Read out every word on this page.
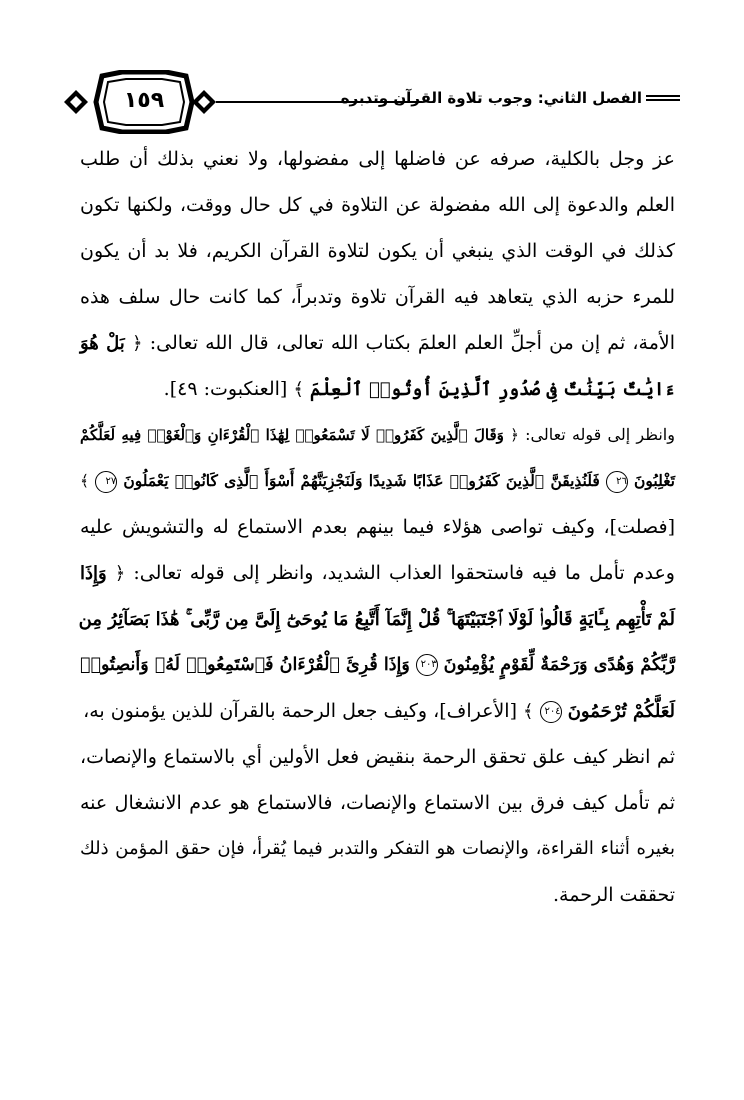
١٥٩	الفصل الثاني: وجوب تلاوة القرآن وتدبره
عز وجل بالكلية، صرفه عن فاضلها إلى مفضولها، ولا نعني بذلك أن طلب
العلم والدعوة إلى الله مفضولة عن التلاوة في كل حال ووقت، ولكنها تكون
كذلك في الوقت الذي ينبغي أن يكون لتلاوة القرآن الكريم، فلا بد أن يكون
للمرء حزبه الذي يتعاهد فيه القرآن تلاوة وتدبراً، كما كانت حال سلف هذه
الأمة، ثم إن من أجلِّ العلم العلمَ بكتاب الله تعالى، قال الله تعالى: ﴿ بَلْ هُوَ
ءَايَٰتٌ بَيِّنَٰتٌ فِى صُدُورِ ٱلَّذِينَ أُوتُوا۟ ٱلْعِلْمَ ﴾ [العنكبوت: ٤٩].
وانظر إلى قوله تعالى: ﴿ وَقَالَ ٱلَّذِينَ كَفَرُوا۟ لَا تَسْمَعُوا۟ لِهَٰذَا ٱلْقُرْءَانِ وَٱلْغَوْا۟ فِيهِ لَعَلَّكُمْ
تَغْلِبُونَ ٢٦ فَلَنُذِيقَنَّ ٱلَّذِينَ كَفَرُوا۟ عَذَابًا شَدِيدًا وَلَنَجْزِيَنَّهُمْ أَسْوَأَ ٱلَّذِى كَانُوا۟ يَعْمَلُونَ ٢٧ ﴾
[فصلت]، وكيف تواصى هؤلاء فيما بينهم بعدم الاستماع له والتشويش عليه
وعدم تأمل ما فيه فاستحقوا العذاب الشديد، وانظر إلى قوله تعالى: ﴿ وَإِذَا
لَمْ تَأْتِهِم بِـَٔايَةٍ قَالُوا۟ لَوْلَا ٱجْتَبَيْتَهَا ۚ قُلْ إِنَّمَآ أَتَّبِعُ مَا يُوحَىٰٓ إِلَىَّ مِن رَّبِّى ۚ هَٰذَا بَصَآئِرُ مِن
رَّبِّكُمْ وَهُدًى وَرَحْمَةٌ لِّقَوْمٍ يُؤْمِنُونَ ٢٠٣ وَإِذَا قُرِئَ ٱلْقُرْءَانُ فَٱسْتَمِعُوا۟ لَهُۥ وَأَنصِتُوا۟
لَعَلَّكُمْ تُرْحَمُونَ ٢٠٤ ﴾ [الأعراف]، وكيف جعل الرحمة بالقرآن للذين يؤمنون به،
ثم انظر كيف علق تحقق الرحمة بنقيض فعل الأولين أي بالاستماع والإنصات،
ثم تأمل كيف فرق بين الاستماع والإنصات، فالاستماع هو عدم الانشغال عنه
بغيره أثناء القراءة، والإنصات هو التفكر والتدبر فيما يُقرأ، فإن حقق المؤمن ذلك
تحققت الرحمة.
